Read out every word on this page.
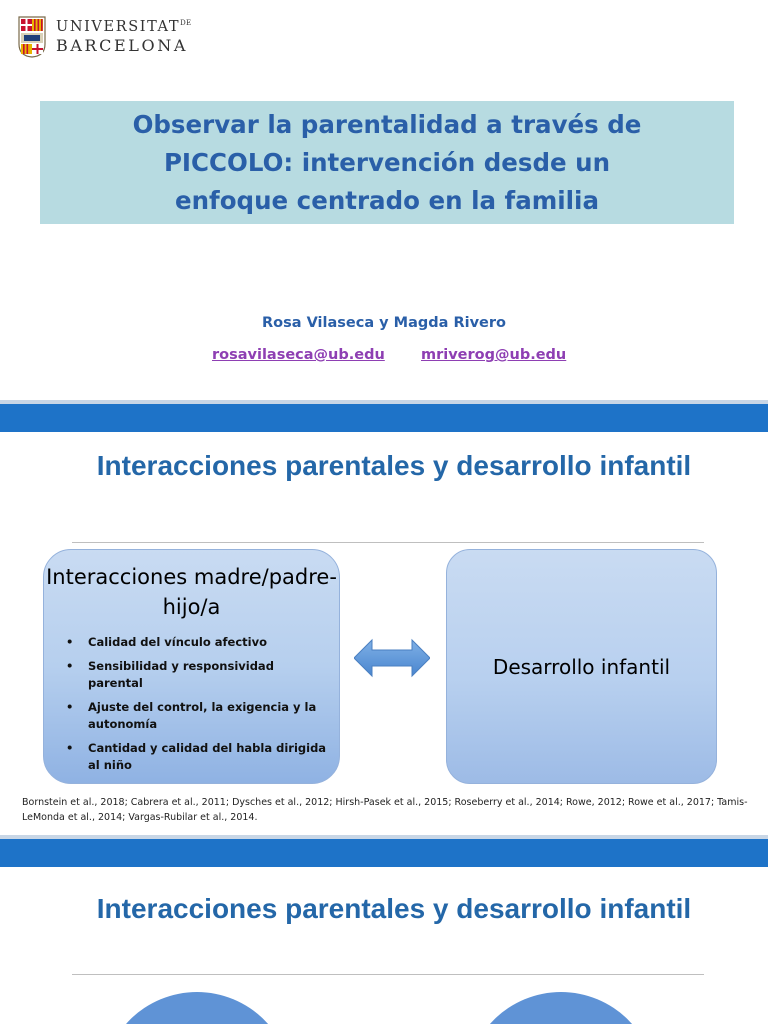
$UNIVERSITAT^{DE}$
BARCELONA
Observar la parentalidad a través de PICCOLO: intervención desde un enfoque centrado en la familia
Rosa Vilaseca y Magda Rivero
rosavilaseca@ub.edu mriverog@ub.edu
Interacciones parentales y desarrollo infantil
Interacciones madre/padre-hijo/a
• Calidad del vínculo afectivo
• Sensibilidad y responsividad parental
• Ajuste del control, la exigencia y la autonomía
• Cantidad y calidad del habla dirigida al niño
Desarrollo infantil

Bornstein et al., 2018; Cabrera et al., 2011; Dysches et al., 2012; Hirsh-Pasek et al., 2015; Roseberry et al., 2014; Rowe, 2012; Rowe et al., 2017; Tamis-LeMonda et al., 2014; Vargas-Rubilar et al., 2014.

Interacciones parentales y desarrollo infantil
